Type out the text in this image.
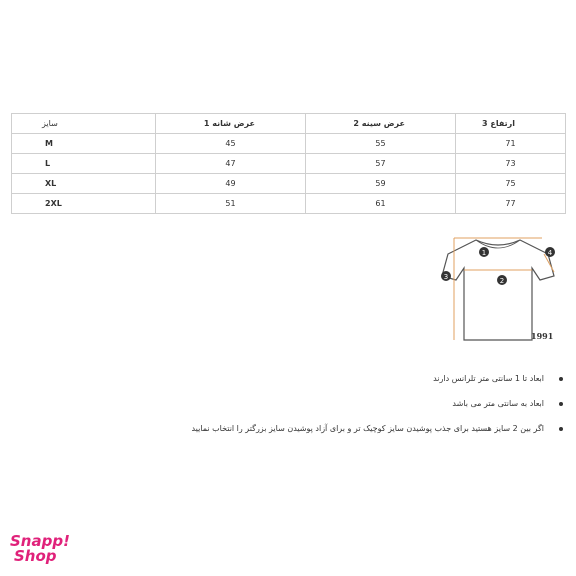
ارتفاع 3	عرض سینه 2	عرض شانه 1	سایز
71	55	45	M
73	57	47	L
75	59	49	XL
77	61	51	2XL
1
2
3
4
1991
ابعاد تا 1 سانتی متر تلرانس دارند
ابعاد به سانتی متر می باشد
اگر بین 2 سایز هستید برای جذب پوشیدن سایز کوچیک تر و برای آزاد پوشیدن سایز بزرگتر را انتخاب نمایید
Snapp!
Shop
